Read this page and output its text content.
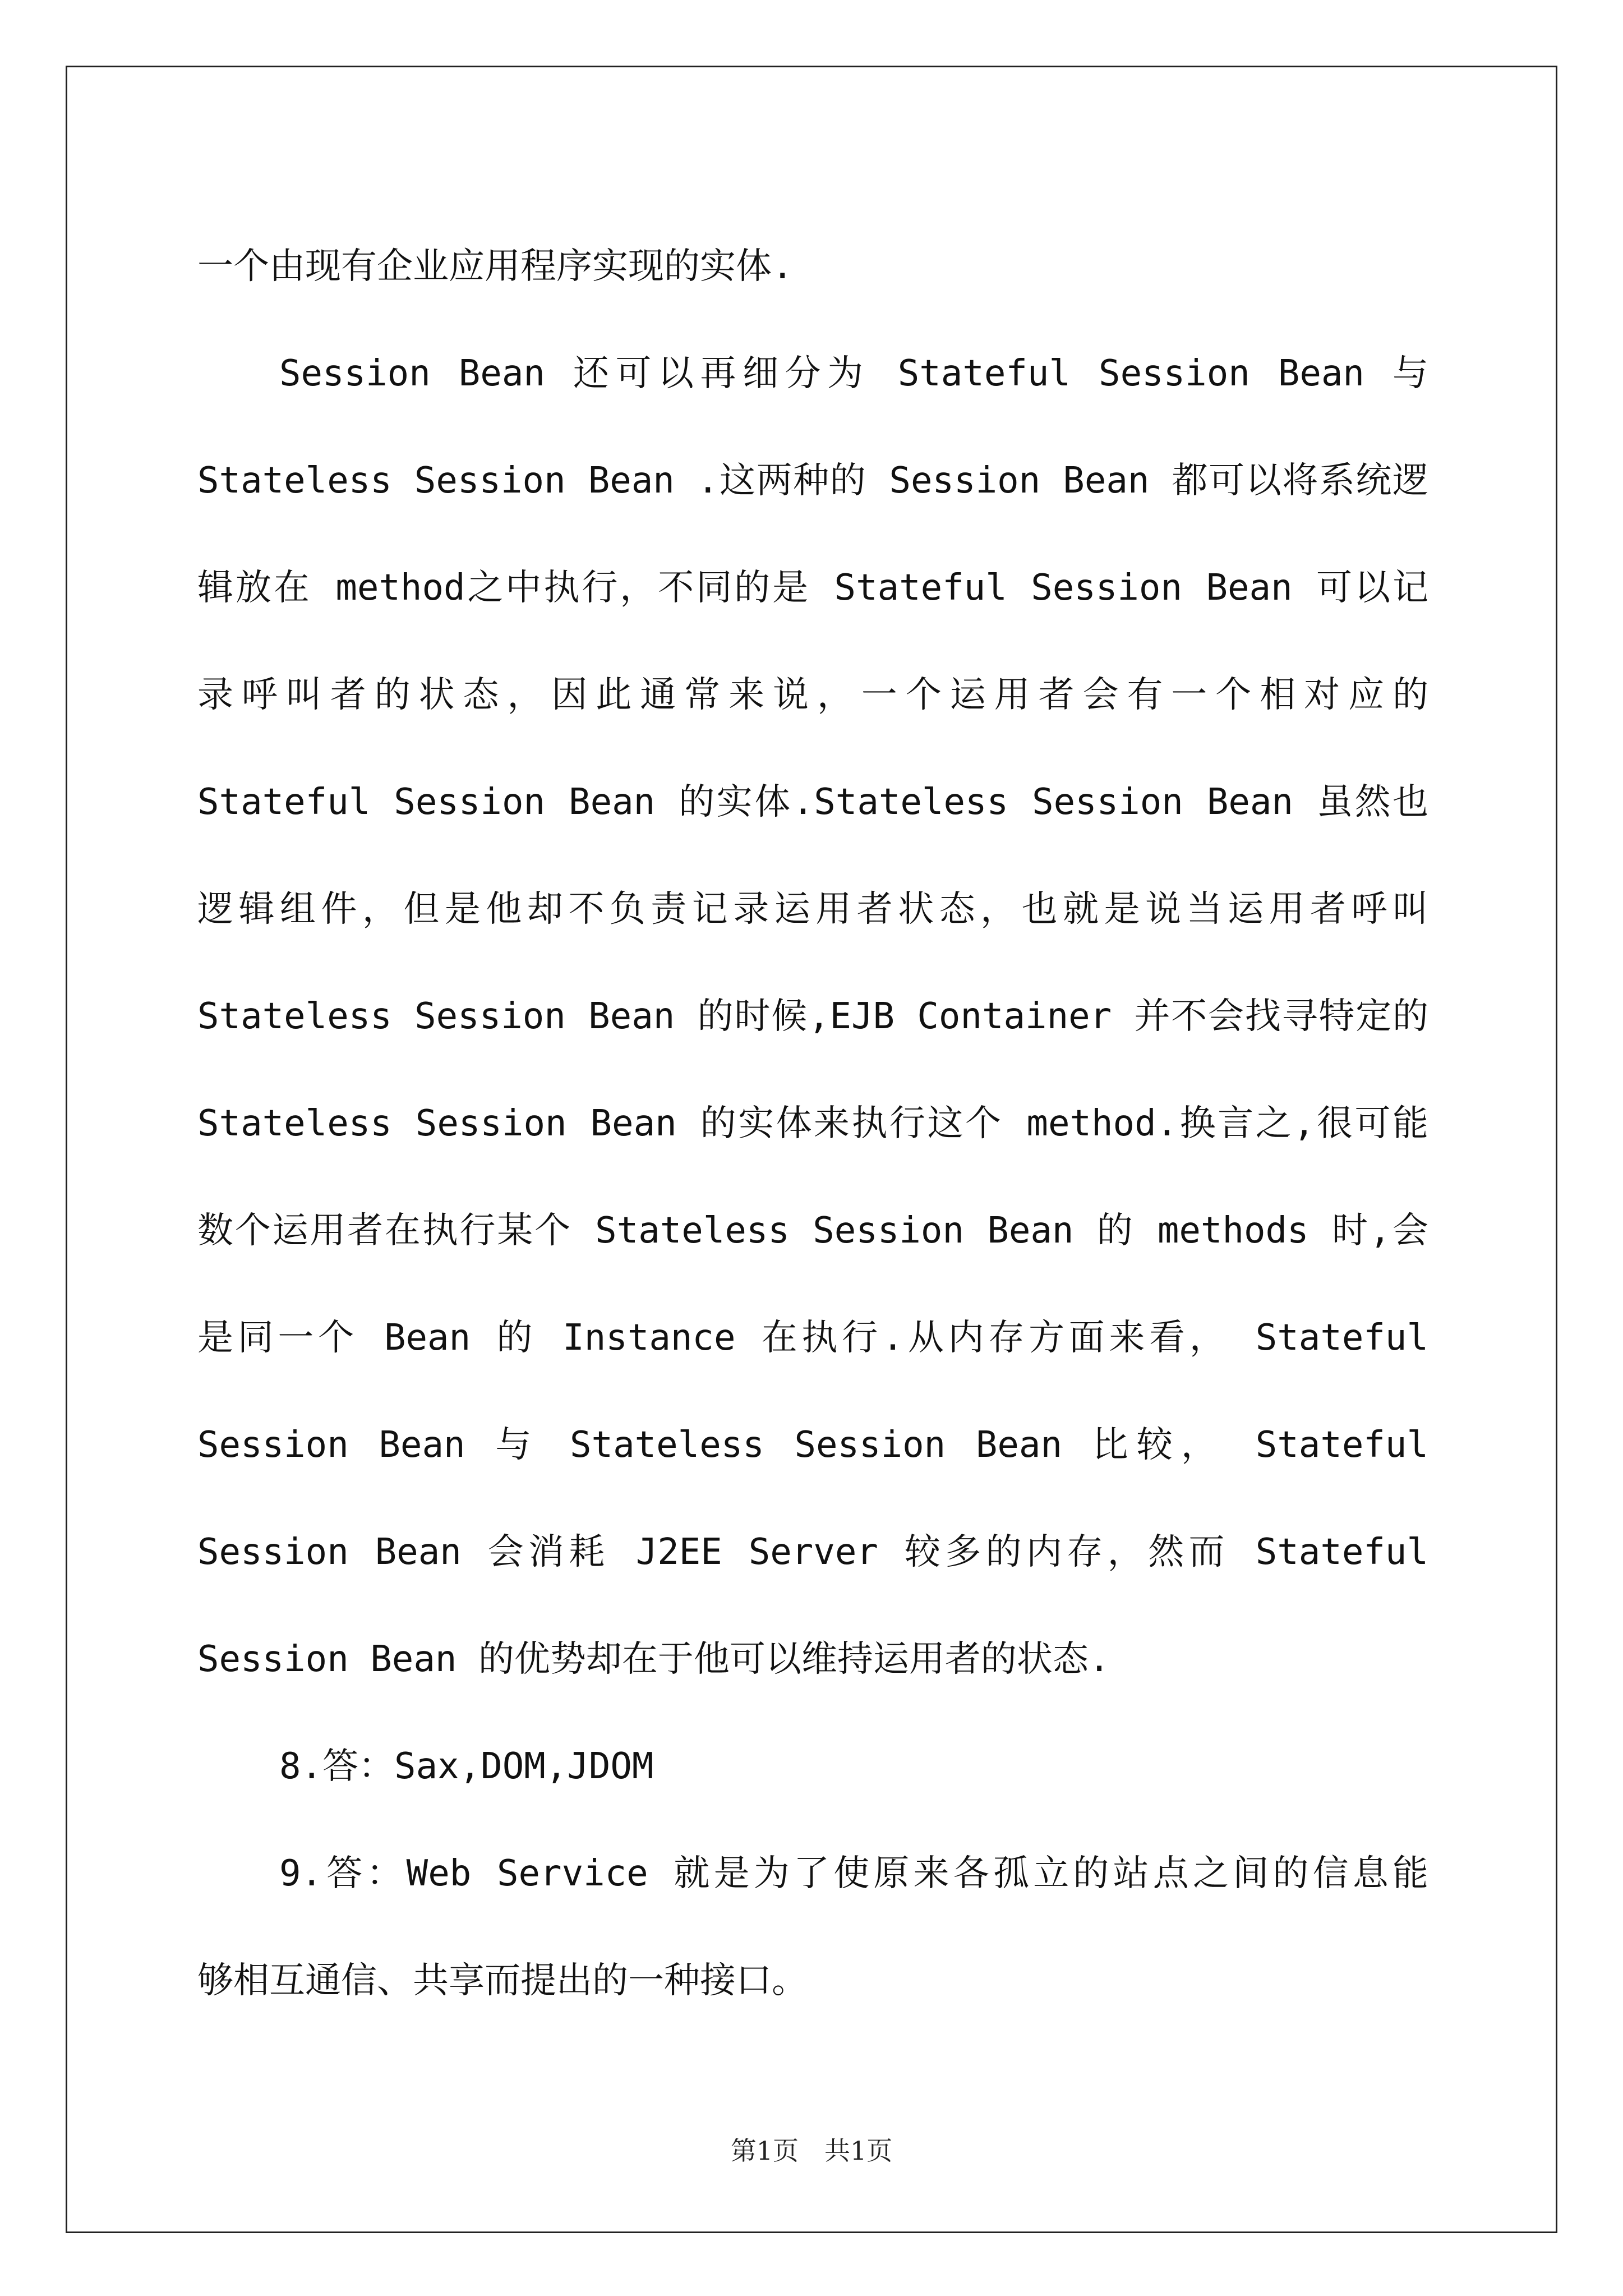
一个由现有企业应用程序实现的实体.
Session Bean 还可以再细分为 Stateful Session Bean 与
Stateless Session Bean .这两种的 Session Bean 都可以将系统逻
辑放在 method之中执行，不同的是 Stateful Session Bean 可以记
录呼叫者的状态，因此通常来说，一个运用者会有一个相对应的
Stateful Session Bean 的实体.Stateless Session Bean 虽然也
逻辑组件，但是他却不负责记录运用者状态，也就是说当运用者呼叫
Stateless Session Bean 的时候,EJB Container 并不会找寻特定的
Stateless Session Bean 的实体来执行这个 method.换言之,很可能
数个运用者在执行某个 Stateless Session Bean 的 methods 时,会
是同一个 Bean 的 Instance 在执行.从内存方面来看， Stateful
Session Bean 与 Stateless Session Bean 比较， Stateful
Session Bean 会消耗 J2EE Server 较多的内存，然而 Stateful
Session Bean 的优势却在于他可以维持运用者的状态.
8.答：Sax,DOM,JDOM
9.答：Web Service 就是为了使原来各孤立的站点之间的信息能
够相互通信、共享而提出的一种接口。
第1页　共1页
